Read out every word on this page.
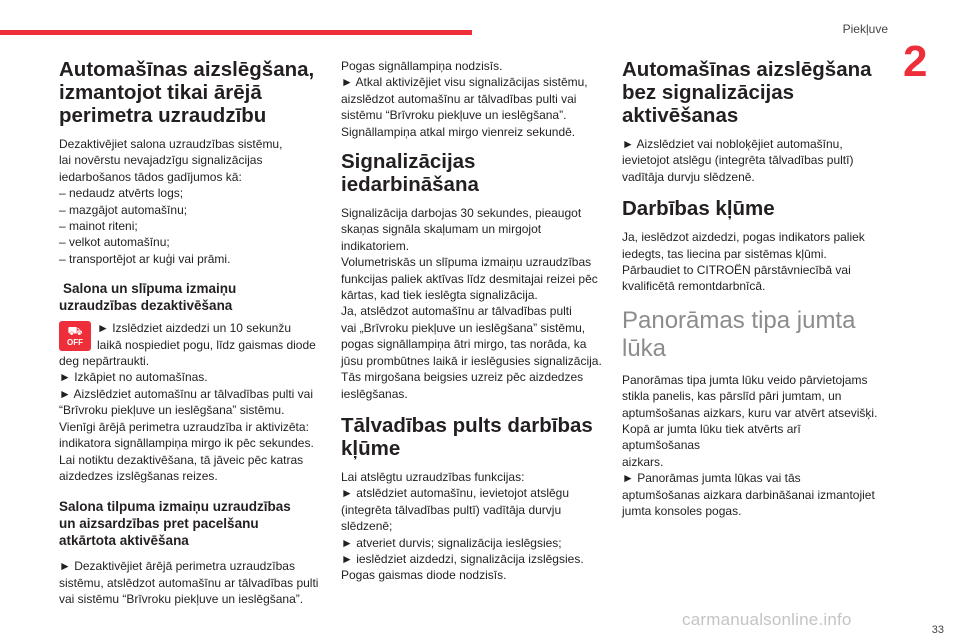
Piekļuve
2
33
carmanualsonline.info
Automašīnas aizslēgšana,
izmantojot tikai ārējā
perimetra uzraudzību

Dezaktivējiet salona uzraudzības sistēmu,

lai novērstu nevajadzīgu signalizācijas

iedarbošanos tādos gadījumos kā:

– nedaudz atvērts logs;

– mazgājot automašīnu;

– mainot riteni;

– velkot automašīnu;

– transportējot ar kuģi vai prāmi.

Salona un slīpuma izmaiņu
uzraudzības dezaktivēšana
⛟
OFF

► Izslēdziet aizdedzi un 10 sekunžu

laikā nospiediet pogu, līdz gaismas diode

deg nepārtraukti.

► Izkāpiet no automašīnas.

► Aizslēdziet automašīnu ar tālvadības pulti vai

“Brīvroku piekļuve un ieslēgšana” sistēmu.

Vienīgi ārējā perimetra uzraudzība ir aktivizēta:

indikatora signāllampiņa mirgo ik pēc sekundes.

Lai notiktu dezaktivēšana, tā jāveic pēc katras

aizdedzes izslēgšanas reizes.

Salona tilpuma izmaiņu uzraudzības
un aizsardzības pret pacelšanu
atkārtota aktivēšana

► Dezaktivējiet ārējā perimetra uzraudzības

sistēmu, atslēdzot automašīnu ar tālvadības pulti

vai sistēmu “Brīvroku piekļuve un ieslēgšana”.

Pogas signāllampiņa nodzisīs.

► Atkal aktivizējiet visu signalizācijas sistēmu,

aizslēdzot automašīnu ar tālvadības pulti vai

sistēmu “Brīvroku piekļuve un ieslēgšana”.

Signāllampiņa atkal mirgo vienreiz sekundē.

Signalizācijas iedarbināšana

Signalizācija darbojas 30 sekundes, pieaugot

skaņas signāla skaļumam un mirgojot

indikatoriem.

Volumetriskās un slīpuma izmaiņu uzraudzības

funkcijas paliek aktīvas līdz desmitajai reizei pēc

kārtas, kad tiek ieslēgta signalizācija.

Ja, atslēdzot automašīnu ar tālvadības pulti

vai „Brīvroku piekļuve un ieslēgšana” sistēmu,

pogas signāllampiņa ātri mirgo, tas norāda, ka

jūsu prombūtnes laikā ir ieslēgusies signalizācija.

Tās mirgošana beigsies uzreiz pēc aizdedzes

ieslēgšanas.

Tālvadības pults darbības
kļūme

Lai atslēgtu uzraudzības funkcijas:

► atslēdziet automašīnu, ievietojot atslēgu

(integrēta tālvadības pultī) vadītāja durvju

slēdzenē;

► atveriet durvis; signalizācija ieslēgsies;

► ieslēdziet aizdedzi, signalizācija izslēgsies.

Pogas gaismas diode nodzisīs.

Automašīnas aizslēgšana
bez signalizācijas
aktivēšanas

► Aizslēdziet vai nobloķējiet automašīnu,

ievietojot atslēgu (integrēta tālvadības pultī)

vadītāja durvju slēdzenē.

Darbības kļūme

Ja, ieslēdzot aizdedzi, pogas indikators paliek

iedegts, tas liecina par sistēmas kļūmi.

Pārbaudiet to CITROËN pārstāvniecībā vai

kvalificētā remontdarbnīcā.

Panorāmas tipa jumta
lūka

Panorāmas tipa jumta lūku veido pārvietojams

stikla panelis, kas pārslīd pāri jumtam, un

aptumšošanas aizkars, kuru var atvērt atsevišķi.

Kopā ar jumta lūku tiek atvērts arī aptumšošanas

aizkars.

► Panorāmas jumta lūkas vai tās

aptumšošanas aizkara darbināšanai izmantojiet

jumta konsoles pogas.
